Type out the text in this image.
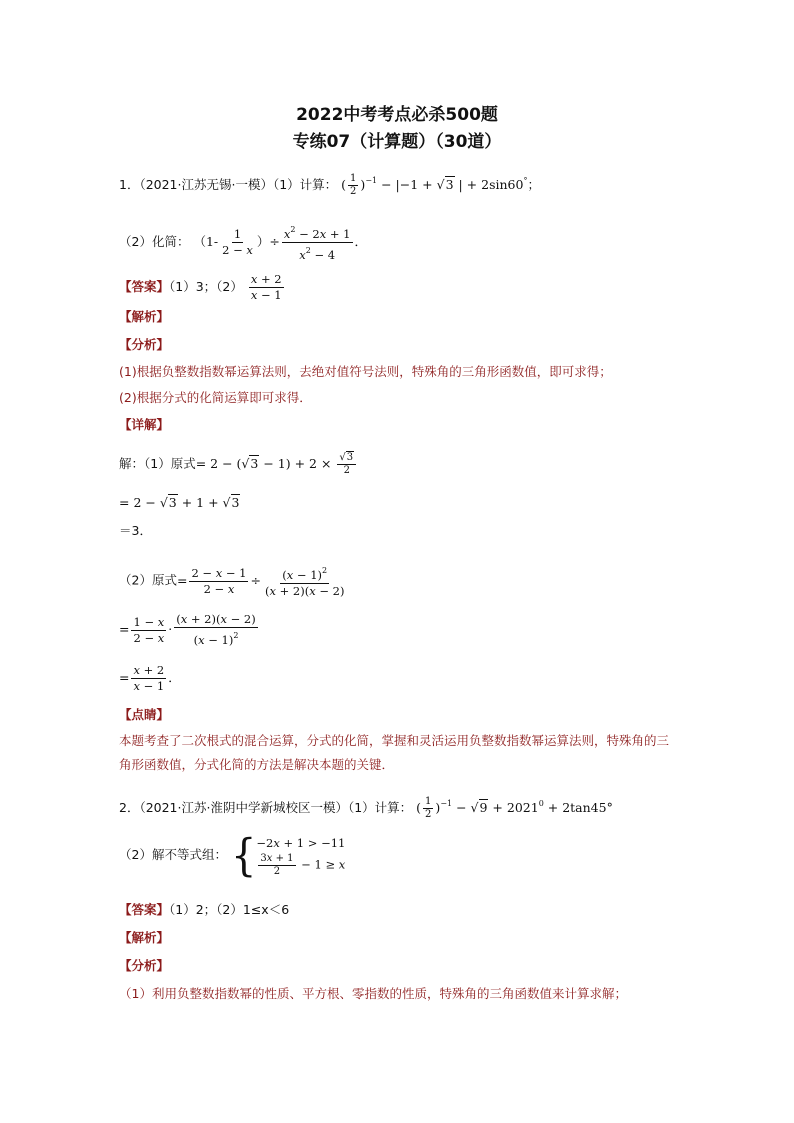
2022中考考点必杀500题
专练07（计算题）（30道）
1．（2021·江苏无锡·一模）（1）计算： ( $\frac{1}{2} )^{-1} - |-1 + √3$ | + 2sin60°；
（2）化简： （$1- \frac{1}{2 - x}$ ）÷ $\frac{x^2 - 2x + 1}{x^2 - 4}$ ．
【答案】（1）3；$(2) \frac{x + 2}{x - 1}$
【解析】
【分析】
(1)根据负整数指数幂运算法则，去绝对值符号法则，特殊角的三角形函数值，即可求得；
(2)根据分式的化简运算即可求得．
【详解】
解：（1）原式= $2 - (√3 - 1) + 2 \times \frac{√3}{2}$
= 2 − √3 + 1 + √3
＝3．
（2）原式= $\frac{2 - x - 1}{2 - x} \div \frac{(x - 1)^2}{(x + 2)(x - 2)}$
= $\frac{1 - x}{2 - x} \cdot \frac{(x + 2)(x - 2)}{(x - 1)^2}$
= $\frac{x + 2}{x - 1}$ ．
【点睛】
本题考查了二次根式的混合运算，分式的化简，掌握和灵活运用负整数指数幂运算法则，特殊角的三角形函数值，分式化简的方法是解决本题的关键．
2．（2021·江苏·淮阴中学新城校区一模）（1）计算： ( $\frac{1}{2} )^{-1} - √9 + 2021^0 + 2\tan 45^\circ$
（2）解不等式组： { −2x + 1 > −11
$\frac{3x + 1}{2} - 1 \ge x$
【答案】（1）2；（2）1≤x＜6
【解析】
【分析】
（1）利用负整数指数幂的性质、平方根、零指数的性质，特殊角的三角函数值来计算求解；
